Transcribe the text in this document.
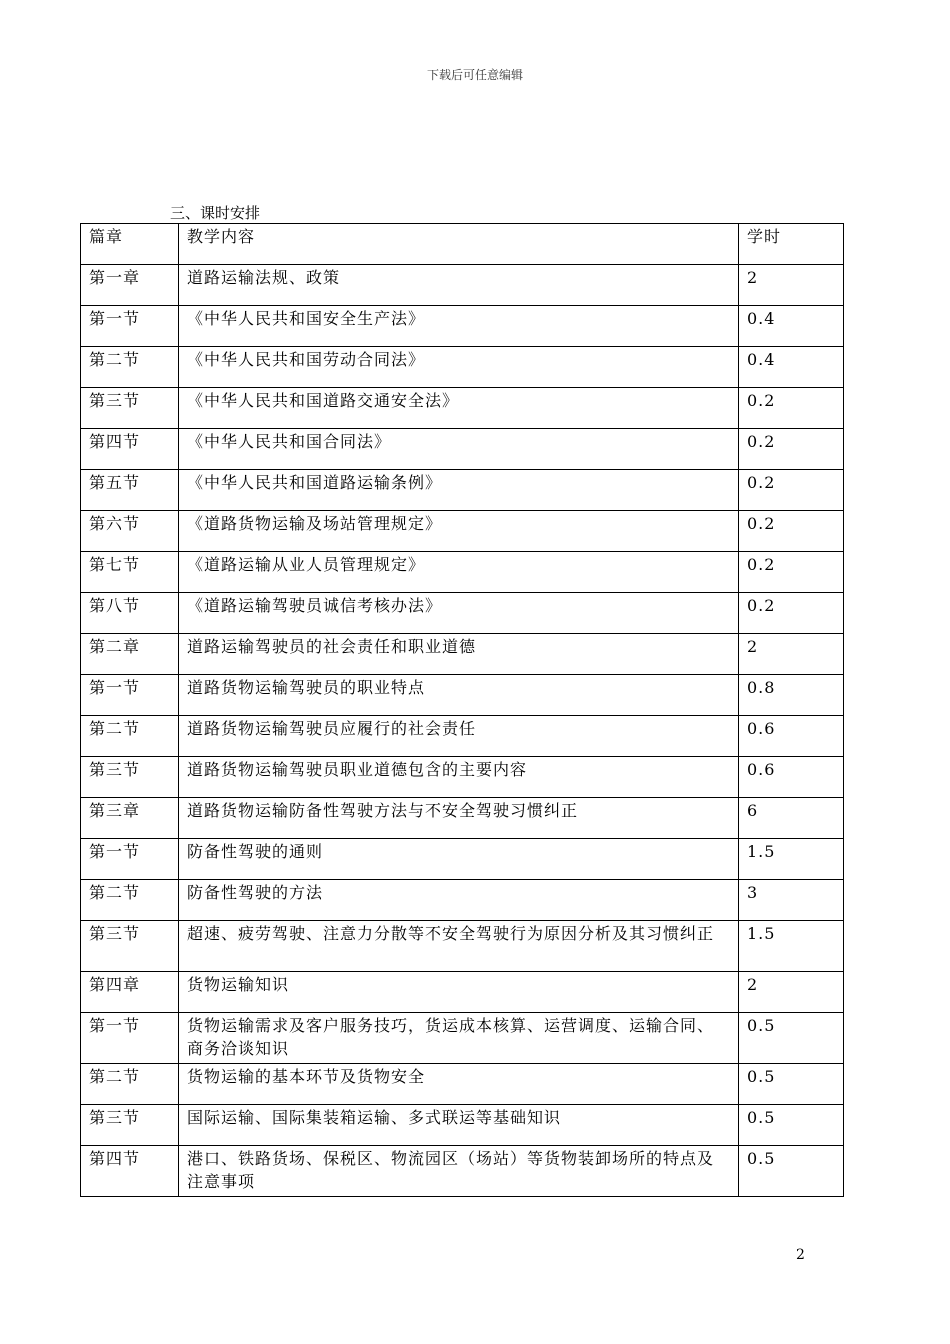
下载后可任意编辑
三、课时安排
篇章	教学内容	学时
第一章	道路运输法规、政策	2
第一节	《中华人民共和国安全生产法》	0.4
第二节	《中华人民共和国劳动合同法》	0.4
第三节	《中华人民共和国道路交通安全法》	0.2
第四节	《中华人民共和国合同法》	0.2
第五节	《中华人民共和国道路运输条例》	0.2
第六节	《道路货物运输及场站管理规定》	0.2
第七节	《道路运输从业人员管理规定》	0.2
第八节	《道路运输驾驶员诚信考核办法》	0.2
第二章	道路运输驾驶员的社会责任和职业道德	2
第一节	道路货物运输驾驶员的职业特点	0.8
第二节	道路货物运输驾驶员应履行的社会责任	0.6
第三节	道路货物运输驾驶员职业道德包含的主要内容	0.6
第三章	道路货物运输防备性驾驶方法与不安全驾驶习惯纠正	6
第一节	防备性驾驶的通则	1.5
第二节	防备性驾驶的方法	3
第三节	超速、疲劳驾驶、注意力分散等不安全驾驶行为原因分析及其习惯纠正	1.5
第四章	货物运输知识	2
第一节	货物运输需求及客户服务技巧，货运成本核算、运营调度、运输合同、商务洽谈知识	0.5
第二节	货物运输的基本环节及货物安全	0.5
第三节	国际运输、国际集装箱运输、多式联运等基础知识	0.5
第四节	港口、铁路货场、保税区、物流园区（场站）等货物装卸场所的特点及注意事项	0.5
2
